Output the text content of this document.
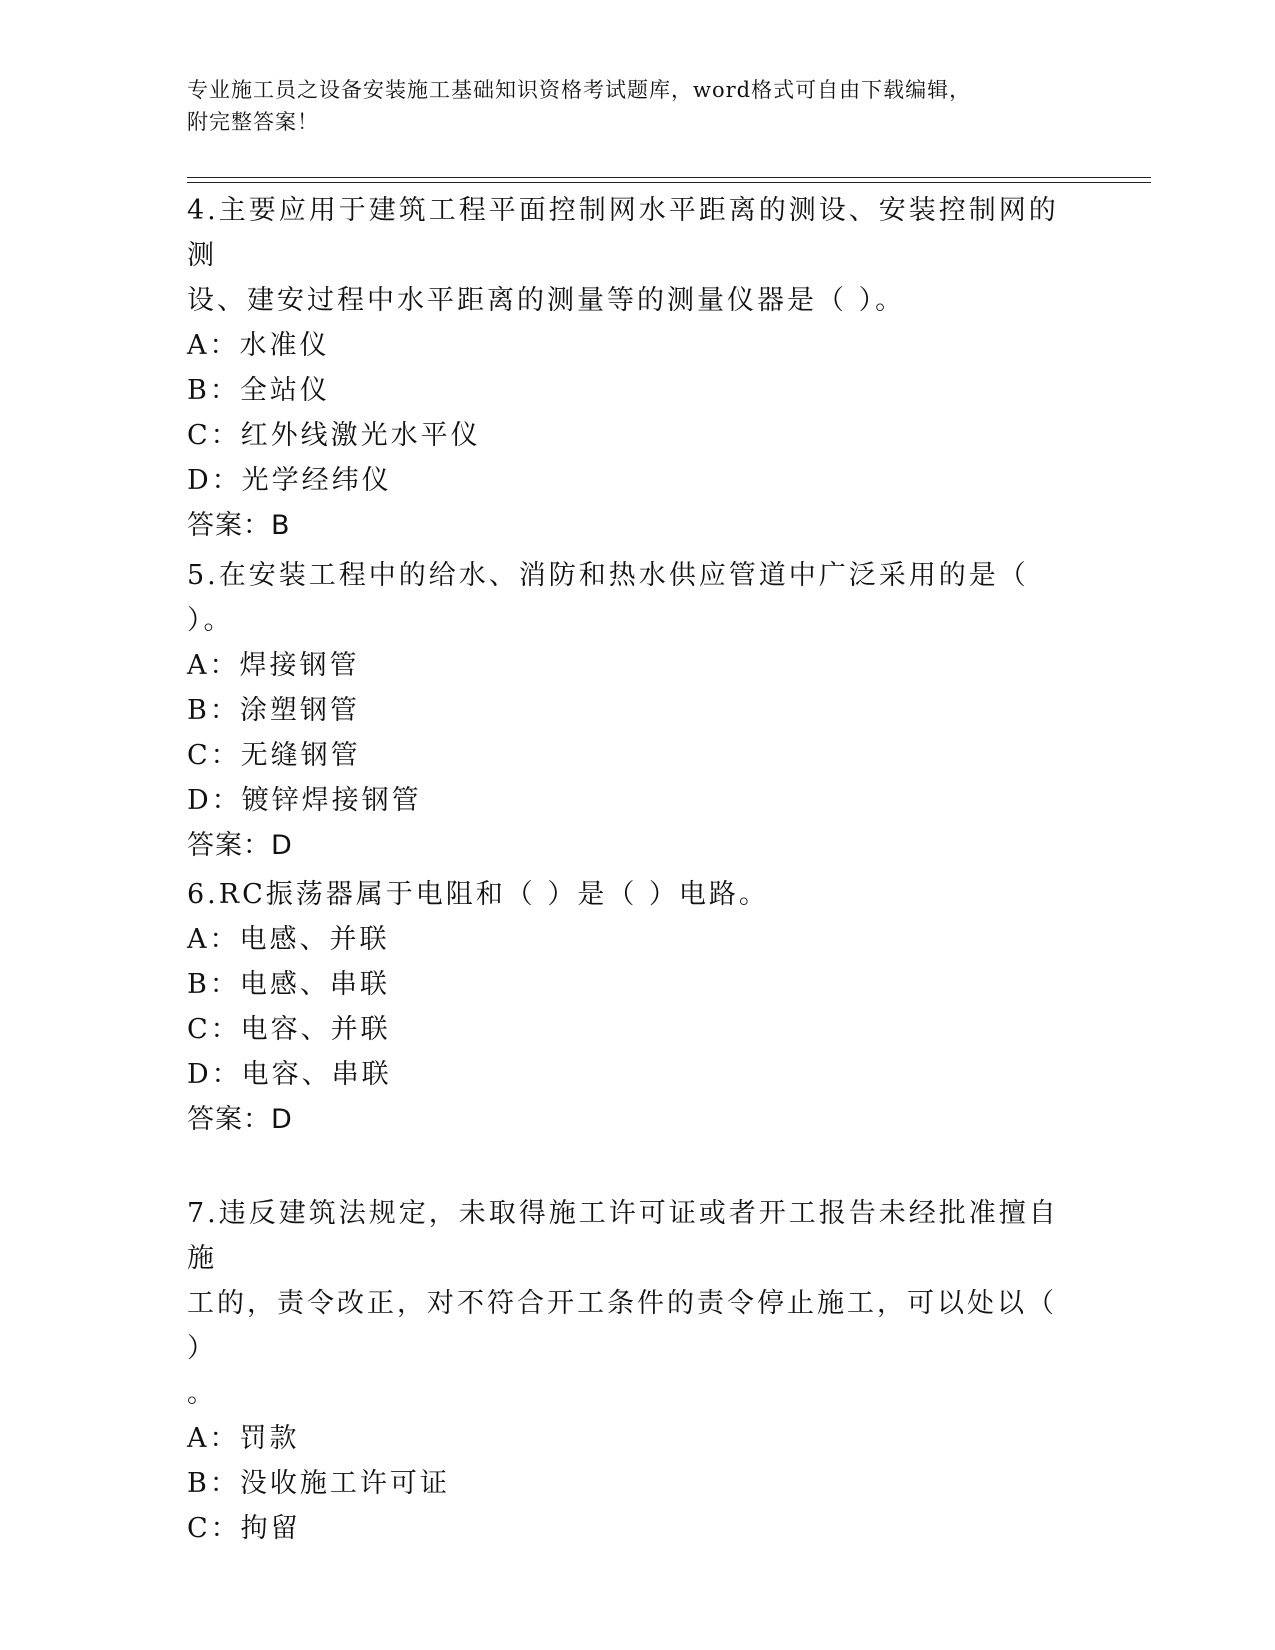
专业施工员之设备安装施工基础知识资格考试题库，word格式可自由下载编辑，
附完整答案！

4.主要应用于建筑工程平面控制网水平距离的测设、安装控制网的测

设、建安过程中水平距离的测量等的测量仪器是（ ）。

A：水准仪

B：全站仪

C：红外线激光水平仪

D：光学经纬仪

答案：B

5.在安装工程中的给水、消防和热水供应管道中广泛采用的是（ ）。

A：焊接钢管

B：涂塑钢管

C：无缝钢管

D：镀锌焊接钢管

答案：D

6.RC振荡器属于电阻和（ ）是（ ）电路。

A：电感、并联

B：电感、串联

C：电容、并联

D：电容、串联

答案：D

7.违反建筑法规定，未取得施工许可证或者开工报告未经批准擅自施

工的，责令改正，对不符合开工条件的责令停止施工，可以处以（ ）

。

A：罚款

B：没收施工许可证

C：拘留
